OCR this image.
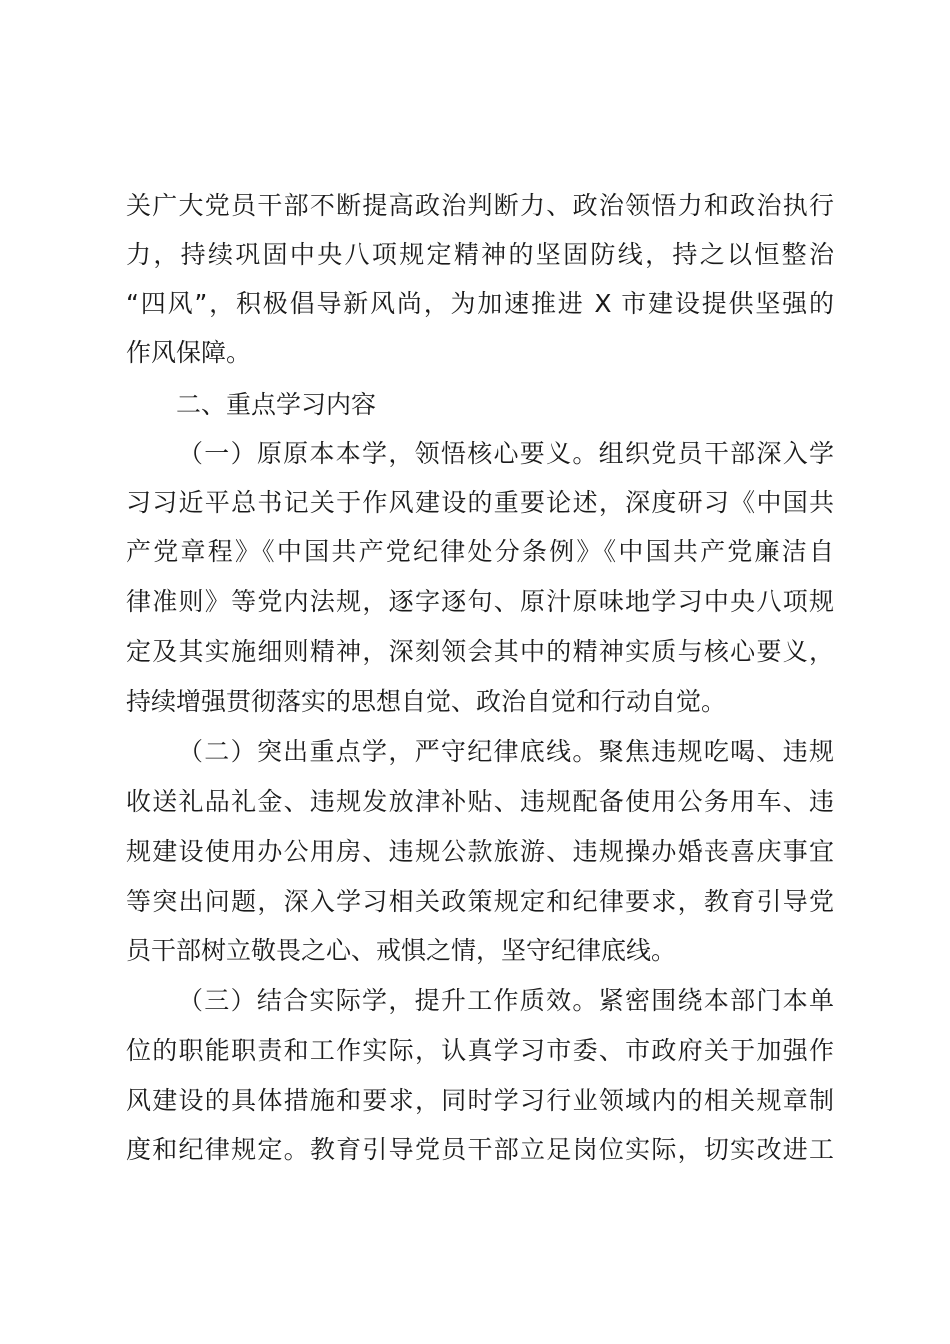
关广大党员干部不断提高政治判断力、政治领悟力和政治执行

力，持续巩固中央八项规定精神的坚固防线，持之以恒整治

“四风”，积极倡导新风尚，为加速推进 X 市建设提供坚强的

作风保障。

二、重点学习内容

（一）原原本本学，领悟核心要义。组织党员干部深入学

习习近平总书记关于作风建设的重要论述，深度研习《中国共

产党章程》《中国共产党纪律处分条例》《中国共产党廉洁自

律准则》等党内法规，逐字逐句、原汁原味地学习中央八项规

定及其实施细则精神，深刻领会其中的精神实质与核心要义，

持续增强贯彻落实的思想自觉、政治自觉和行动自觉。

（二）突出重点学，严守纪律底线。聚焦违规吃喝、违规

收送礼品礼金、违规发放津补贴、违规配备使用公务用车、违

规建设使用办公用房、违规公款旅游、违规操办婚丧喜庆事宜

等突出问题，深入学习相关政策规定和纪律要求，教育引导党

员干部树立敬畏之心、戒惧之情，坚守纪律底线。

（三）结合实际学，提升工作质效。紧密围绕本部门本单

位的职能职责和工作实际，认真学习市委、市政府关于加强作

风建设的具体措施和要求，同时学习行业领域内的相关规章制

度和纪律规定。教育引导党员干部立足岗位实际，切实改进工
